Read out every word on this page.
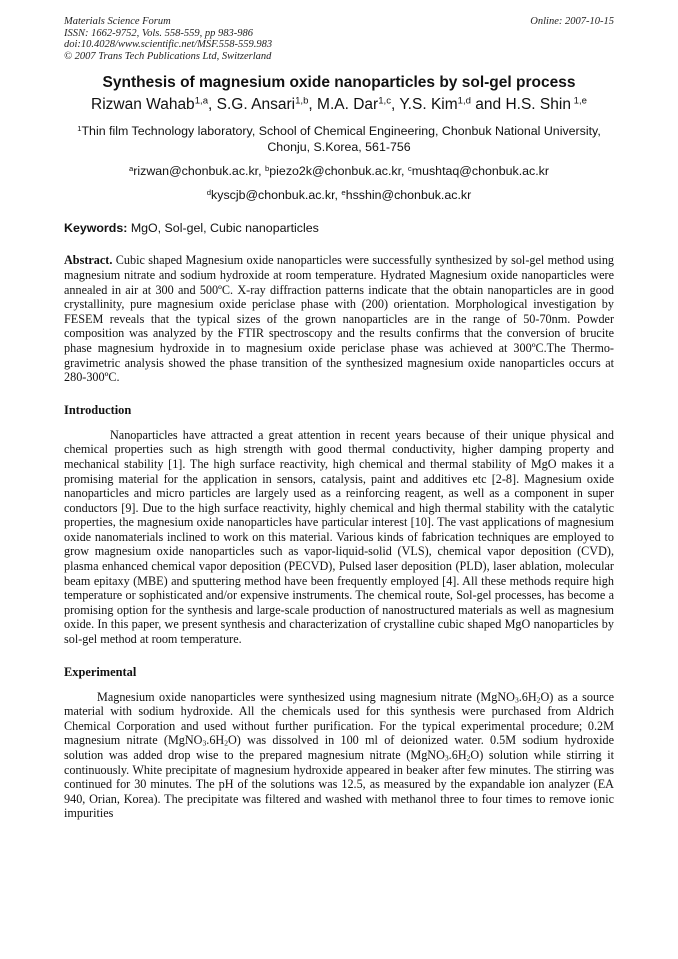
Materials Science Forum
ISSN: 1662-9752, Vols. 558-559, pp 983-986
doi:10.4028/www.scientific.net/MSF.558-559.983
© 2007 Trans Tech Publications Ltd, Switzerland
Online: 2007-10-15
Synthesis of magnesium oxide nanoparticles by sol-gel process
Rizwan Wahab$^{1,a}$, S.G. Ansari$^{1,b}$, M.A. Dar$^{1,c}$, Y.S. Kim$^{1,d}$ and H.S. Shin $^{1,e}$
$^1$Thin film Technology laboratory, School of Chemical Engineering, Chonbuk National University, Chonju, S.Korea, 561-756
$^a$rizwan@chonbuk.ac.kr, $^b$piezo2k@chonbuk.ac.kr, $^c$mushtaq@chonbuk.ac.kr
$^d$kyscjb@chonbuk.ac.kr, $^e$hsshin@chonbuk.ac.kr
Keywords: MgO, Sol-gel, Cubic nanoparticles

Abstract. Cubic shaped Magnesium oxide nanoparticles were successfully synthesized by sol-gel method using magnesium nitrate and sodium hydroxide at room temperature. Hydrated Magnesium oxide nanoparticles were annealed in air at 300 and 500ºC. X-ray diffraction patterns indicate that the obtain nanoparticles are in good crystallinity, pure magnesium oxide periclase phase with (200) orientation. Morphological investigation by FESEM reveals that the typical sizes of the grown nanoparticles are in the range of 50-70nm. Powder composition was analyzed by the FTIR spectroscopy and the results confirms that the conversion of brucite phase magnesium hydroxide in to magnesium oxide periclase phase was achieved at 300ºC.The Thermo-gravimetric analysis showed the phase transition of the synthesized magnesium oxide nanoparticles occurs at 280-300ºC.

Introduction

Nanoparticles have attracted a great attention in recent years because of their unique physical and chemical properties such as high strength with good thermal conductivity, higher damping property and mechanical stability [1]. The high surface reactivity, high chemical and thermal stability of MgO makes it a promising material for the application in sensors, catalysis, paint and additives etc [2-8]. Magnesium oxide nanoparticles and micro particles are largely used as a reinforcing reagent, as well as a component in super conductors [9]. Due to the high surface reactivity, highly chemical and high thermal stability with the catalytic properties, the magnesium oxide nanoparticles have particular interest [10]. The vast applications of magnesium oxide nanomaterials inclined to work on this material. Various kinds of fabrication techniques are employed to grow magnesium oxide nanoparticles such as vapor-liquid-solid (VLS), chemical vapor deposition (CVD), plasma enhanced chemical vapor deposition (PECVD), Pulsed laser deposition (PLD), laser ablation, molecular beam epitaxy (MBE) and sputtering method have been frequently employed [4]. All these methods require high temperature or sophisticated and/or expensive instruments. The chemical route, Sol-gel processes, has become a promising option for the synthesis and large-scale production of nanostructured materials as well as magnesium oxide. In this paper, we present synthesis and characterization of crystalline cubic shaped MgO nanoparticles by sol-gel method at room temperature.

Experimental

Magnesium oxide nanoparticles were synthesized using magnesium nitrate $(MgNO_3.6H_2O)$ as a source material with sodium hydroxide. All the chemicals used for this synthesis were purchased from Aldrich Chemical Corporation and used without further purification. For the typical experimental procedure; 0.2M magnesium nitrate $(MgNO_3.6H_2O)$ was dissolved in 100 ml of deionized water. 0.5M sodium hydroxide solution was added drop wise to the prepared magnesium nitrate $(MgNO_3.6H_2O)$ solution while stirring it continuously. White precipitate of magnesium hydroxide appeared in beaker after few minutes. The stirring was continued for 30 minutes. The pH of the solutions was 12.5, as measured by the expandable ion analyzer (EA 940, Orian, Korea). The precipitate was filtered and washed with methanol three to four times to remove ionic impurities
